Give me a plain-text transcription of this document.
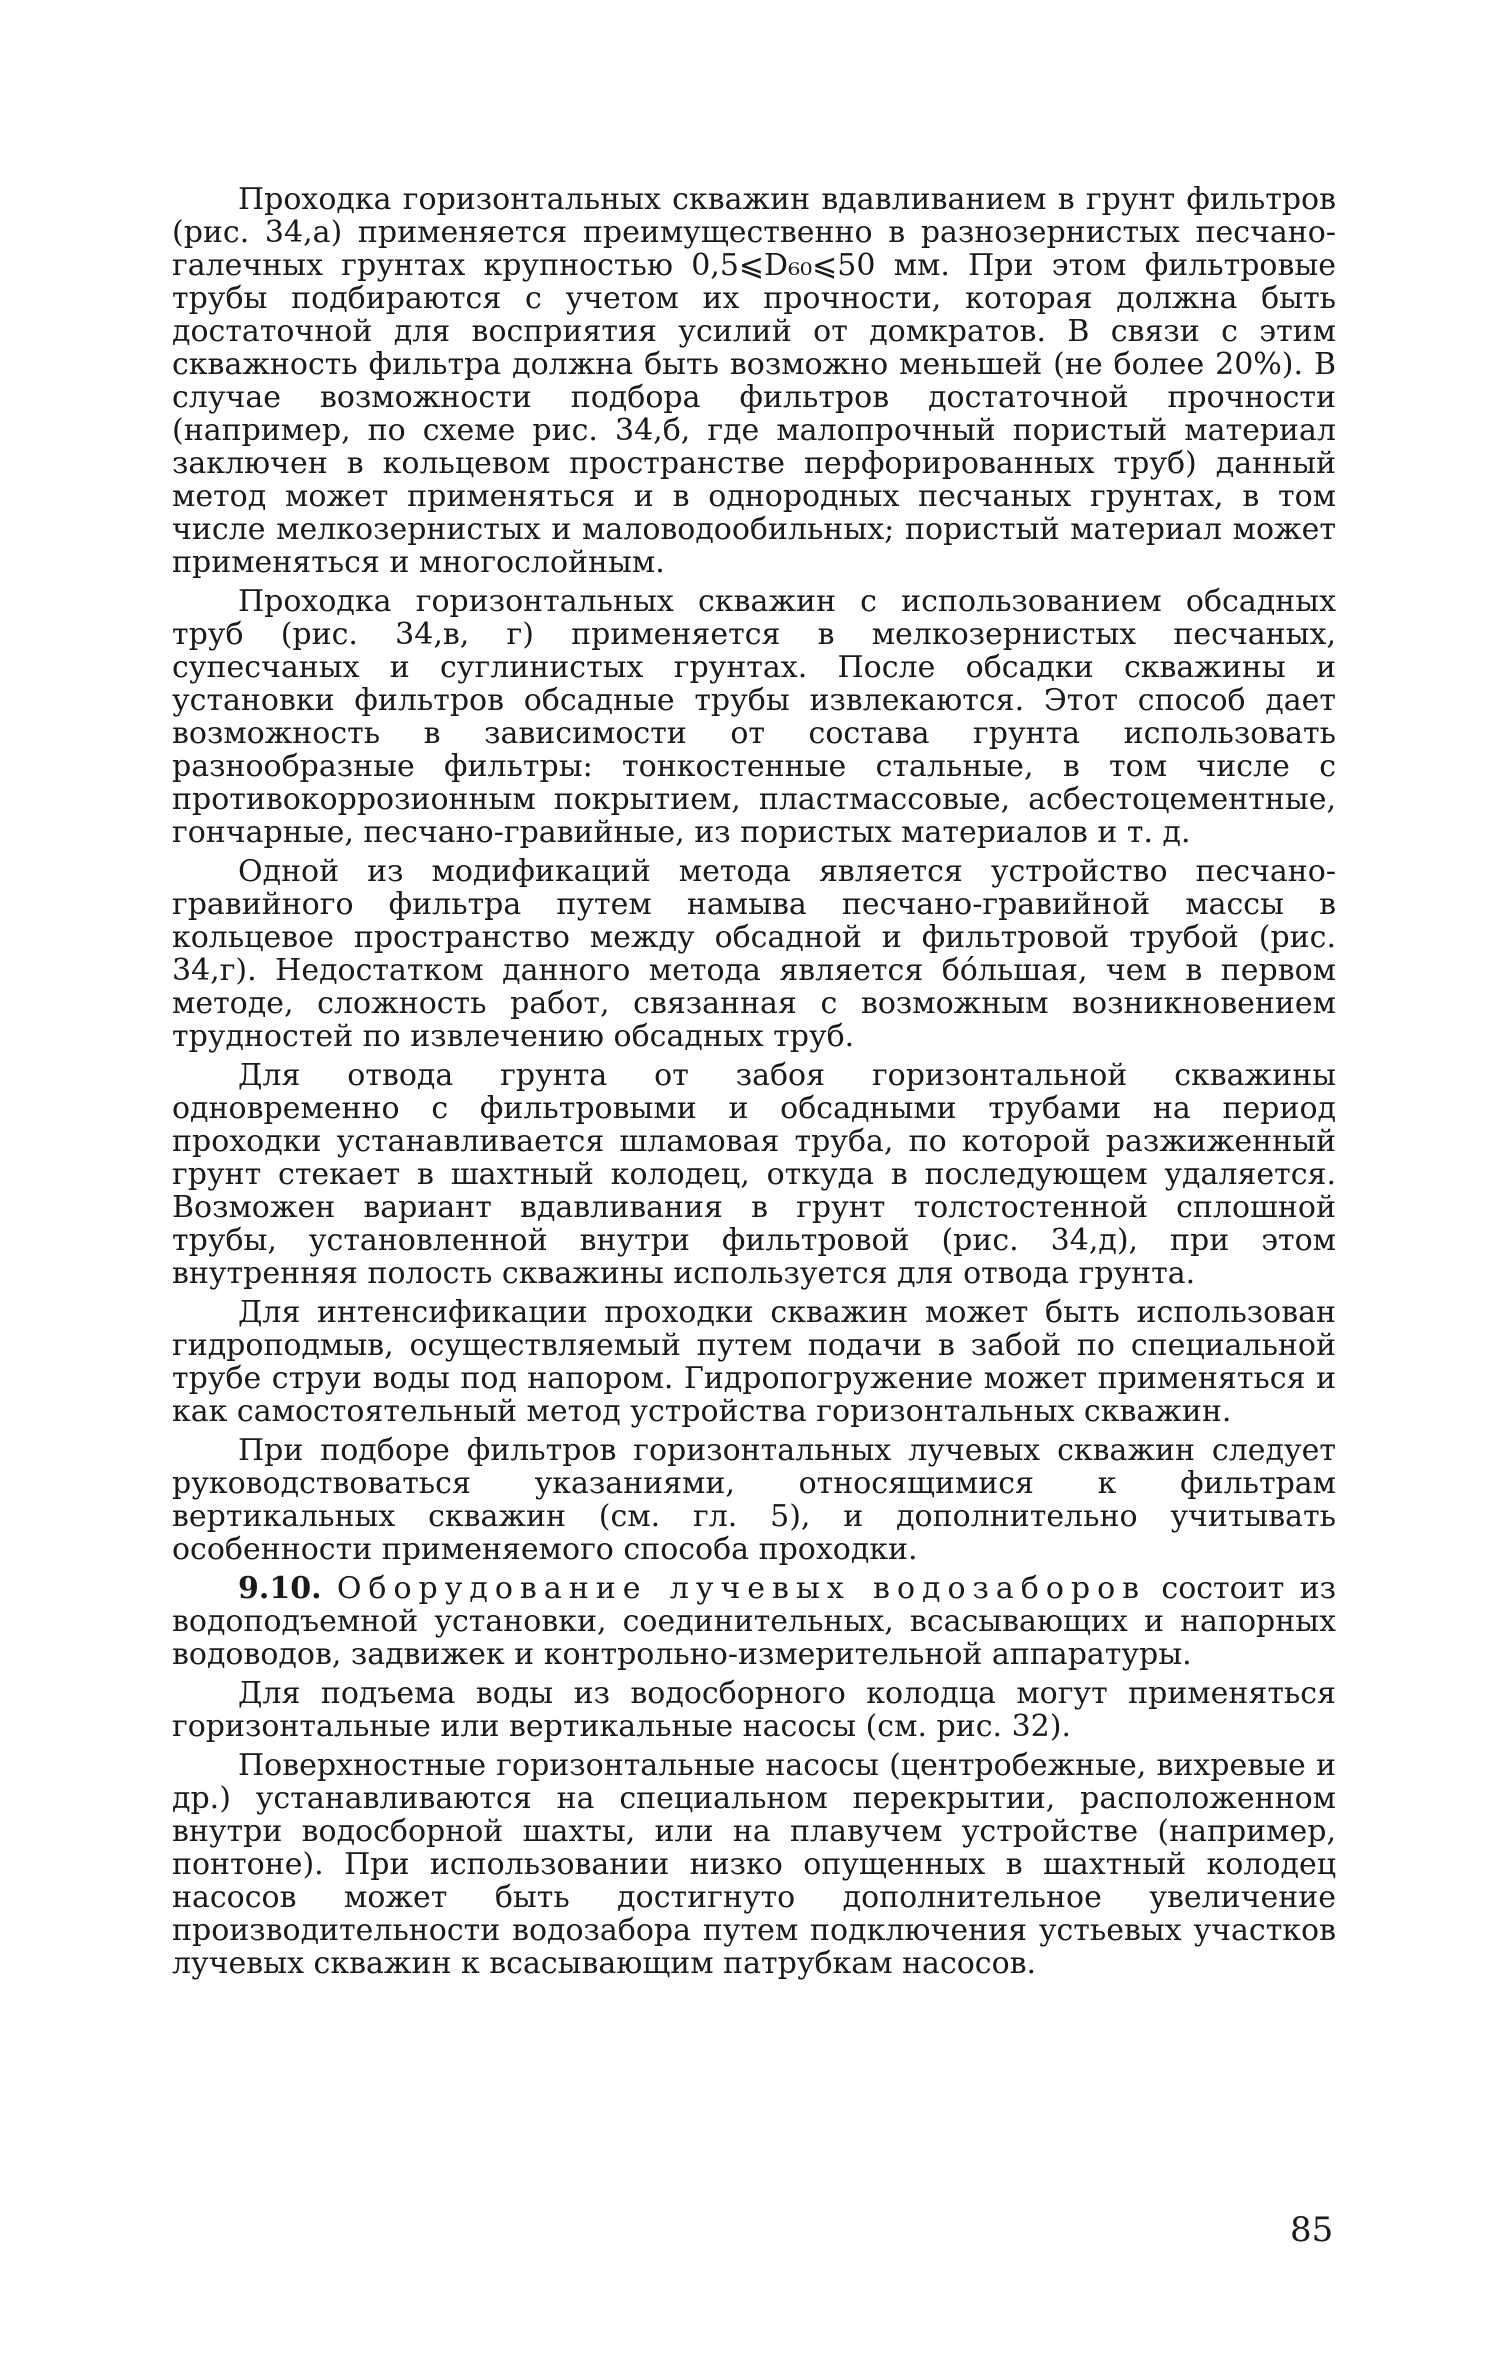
Проходка горизонтальных скважин вдавливанием в грунт фильтров (рис. 34,а) применяется преимущественно в разнозернистых песчано-галечных грунтах крупностью 0,5⩽D₆₀⩽50 мм. При этом фильтровые трубы подбираются с учетом их прочности, которая должна быть достаточной для восприятия усилий от домкратов. В связи с этим скважность фильтра должна быть возможно меньшей (не более 20%). В случае возможности подбора фильтров достаточной прочности (например, по схеме рис. 34,б, где малопрочный пористый материал заключен в кольцевом пространстве перфорированных труб) данный метод может применяться и в однородных песчаных грунтах, в том числе мелкозернистых и маловодообильных; пористый материал может применяться и многослойным.

Проходка горизонтальных скважин с использованием обсадных труб (рис. 34,в, г) применяется в мелкозернистых песчаных, супесчаных и суглинистых грунтах. После обсадки скважины и установки фильтров обсадные трубы извлекаются. Этот способ дает возможность в зависимости от состава грунта использовать разнообразные фильтры: тонкостенные стальные, в том числе с противокоррозионным покрытием, пластмассовые, асбестоцементные, гончарные, песчано-гравийные, из пористых материалов и т. д.

Одной из модификаций метода является устройство песчано-гравийного фильтра путем намыва песчано-гравийной массы в кольцевое пространство между обсадной и фильтровой трубой (рис. 34,г). Недостатком данного метода является бо́льшая, чем в первом методе, сложность работ, связанная с возможным возникновением трудностей по извлечению обсадных труб.

Для отвода грунта от забоя горизонтальной скважины одновременно с фильтровыми и обсадными трубами на период проходки устанавливается шламовая труба, по которой разжиженный грунт стекает в шахтный колодец, откуда в последующем удаляется. Возможен вариант вдавливания в грунт толстостенной сплошной трубы, установленной внутри фильтровой (рис. 34,д), при этом внутренняя полость скважины используется для отвода грунта.

Для интенсификации проходки скважин может быть использован гидроподмыв, осуществляемый путем подачи в забой по специальной трубе струи воды под напором. Гидропогружение может применяться и как самостоятельный метод устройства горизонтальных скважин.

При подборе фильтров горизонтальных лучевых скважин следует руководствоваться указаниями, относящимися к фильтрам вертикальных скважин (см. гл. 5), и дополнительно учитывать особенности применяемого способа проходки.

9.10. Оборудование лучевых водозаборов состоит из водоподъемной установки, соединительных, всасывающих и напорных водоводов, задвижек и контрольно-измерительной аппаратуры.

Для подъема воды из водосборного колодца могут применяться горизонтальные или вертикальные насосы (см. рис. 32).

Поверхностные горизонтальные насосы (центробежные, вихревые и др.) устанавливаются на специальном перекрытии, расположенном внутри водосборной шахты, или на плавучем устройстве (например, понтоне). При использовании низко опущенных в шахтный колодец насосов может быть достигнуто дополнительное увеличение производительности водозабора путем подключения устьевых участков лучевых скважин к всасывающим патрубкам насосов.

85
